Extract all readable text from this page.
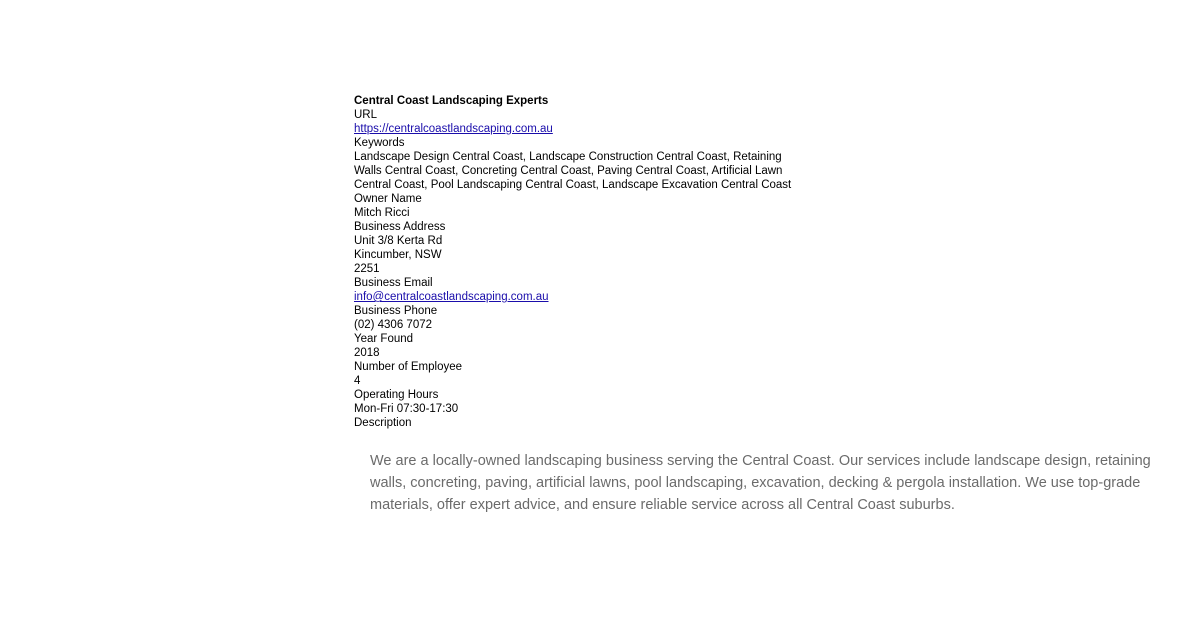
Central Coast Landscaping Experts
URL
https://centralcoastlandscaping.com.au
Keywords
Landscape Design Central Coast, Landscape Construction Central Coast, Retaining Walls Central Coast, Concreting Central Coast, Paving Central Coast, Artificial Lawn Central Coast, Pool Landscaping Central Coast, Landscape Excavation Central Coast
Owner Name
Mitch Ricci
Business Address
Unit 3/8 Kerta Rd
Kincumber, NSW
2251
Business Email
info@centralcoastlandscaping.com.au
Business Phone
(02) 4306 7072
Year Found
2018
Number of Employee
4
Operating Hours
Mon-Fri 07:30-17:30
Description
We are a locally-owned landscaping business serving the Central Coast. Our services include landscape design, retaining walls, concreting, paving, artificial lawns, pool landscaping, excavation, decking & pergola installation. We use top-grade materials, offer expert advice, and ensure reliable service across all Central Coast suburbs.
